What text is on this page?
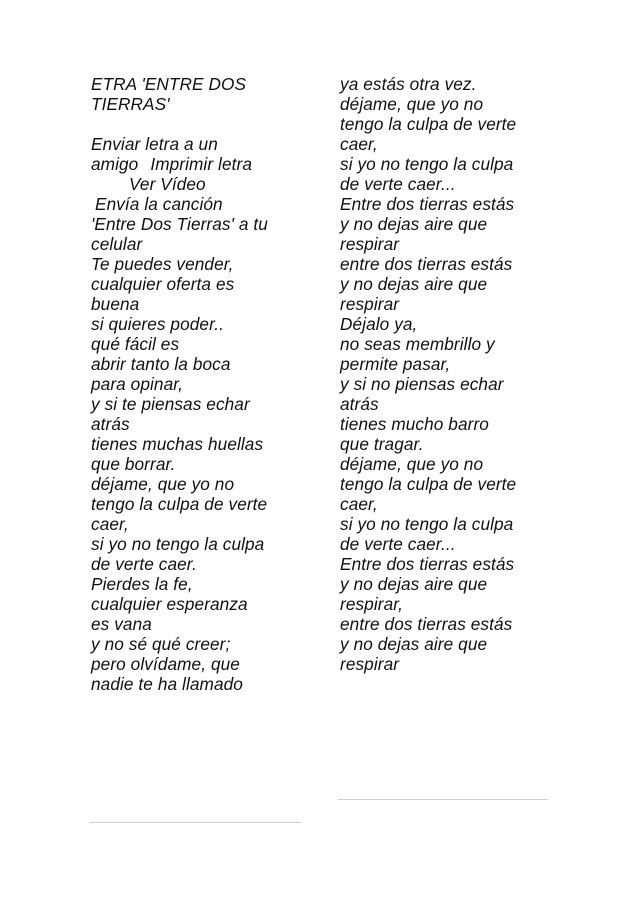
ETRA 'ENTRE DOS
TIERRAS'
Enviar letra a un
amigo Imprimir letra
Ver Vídeo
Envía la canción
'Entre Dos Tierras' a tu
celular
Te puedes vender,
cualquier oferta es
buena
si quieres poder..
qué fácil es
abrir tanto la boca
para opinar,
y si te piensas echar
atrás
tienes muchas huellas
que borrar.
déjame, que yo no
tengo la culpa de verte
caer,
si yo no tengo la culpa
de verte caer.
Pierdes la fe,
cualquier esperanza
es vana
y no sé qué creer;
pero olvídame, que
nadie te ha llamado
ya estás otra vez.
déjame, que yo no
tengo la culpa de verte
caer,
si yo no tengo la culpa
de verte caer...
Entre dos tierras estás
y no dejas aire que
respirar
entre dos tierras estás
y no dejas aire que
respirar
Déjalo ya,
no seas membrillo y
permite pasar,
y si no piensas echar
atrás
tienes mucho barro
que tragar.
déjame, que yo no
tengo la culpa de verte
caer,
si yo no tengo la culpa
de verte caer...
Entre dos tierras estás
y no dejas aire que
respirar,
entre dos tierras estás
y no dejas aire que
respirar
